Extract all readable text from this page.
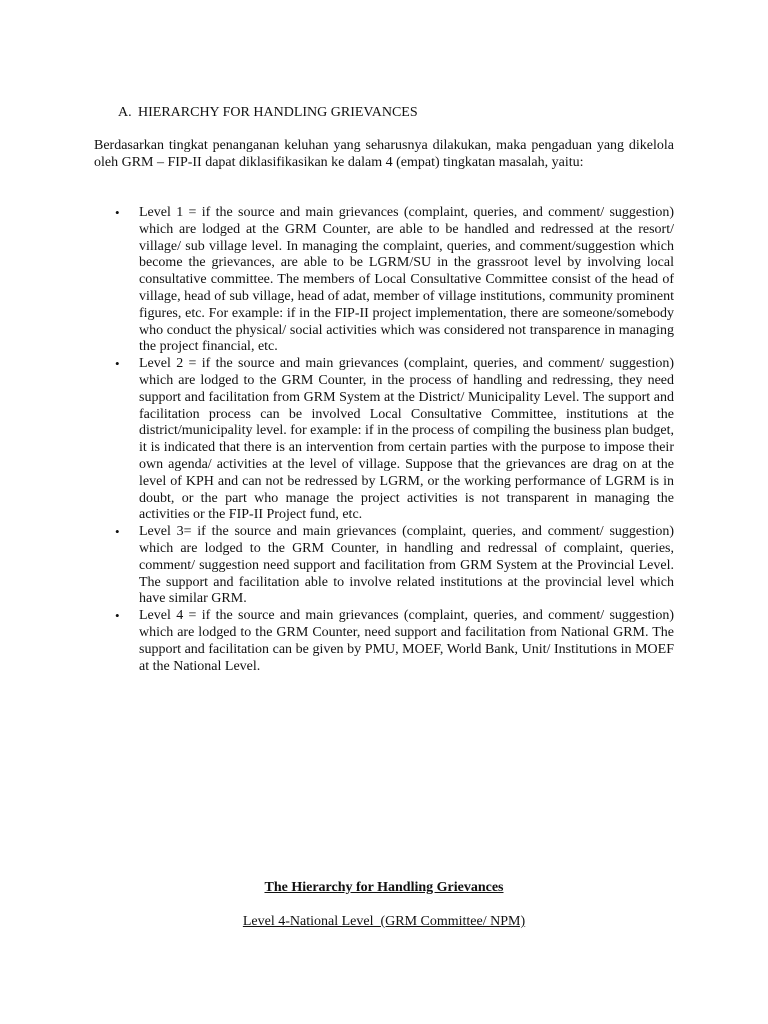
A. HIERARCHY FOR HANDLING GRIEVANCES

Berdasarkan tingkat penanganan keluhan yang seharusnya dilakukan, maka pengaduan yang dikelola oleh GRM – FIP-II dapat diklasifikasikan ke dalam 4 (empat) tingkatan masalah, yaitu:

• Level 1 = if the source and main grievances (complaint, queries, and comment/ suggestion) which are lodged at the GRM Counter, are able to be handled and redressed at the resort/ village/ sub village level. In managing the complaint, queries, and comment/suggestion which become the grievances, are able to be LGRM/SU in the grassroot level by involving local consultative committee. The members of Local Consultative Committee consist of the head of village, head of sub village, head of adat, member of village institutions, community prominent figures, etc. For example: if in the FIP-II project implementation, there are someone/somebody who conduct the physical/ social activities which was considered not transparence in managing the project financial, etc.
• Level 2 = if the source and main grievances (complaint, queries, and comment/ suggestion) which are lodged to the GRM Counter, in the process of handling and redressing, they need support and facilitation from GRM System at the District/ Municipality Level. The support and facilitation process can be involved Local Consultative Committee, institutions at the district/municipality level. for example: if in the process of compiling the business plan budget, it is indicated that there is an intervention from certain parties with the purpose to impose their own agenda/ activities at the level of village. Suppose that the grievances are drag on at the level of KPH and can not be redressed by LGRM, or the working performance of LGRM is in doubt, or the part who manage the project activities is not transparent in managing the activities or the FIP-II Project fund, etc.
• Level 3= if the source and main grievances (complaint, queries, and comment/ suggestion) which are lodged to the GRM Counter, in handling and redressal of complaint, queries, comment/ suggestion need support and facilitation from GRM System at the Provincial Level. The support and facilitation able to involve related institutions at the provincial level which have similar GRM.
• Level 4 = if the source and main grievances (complaint, queries, and comment/ suggestion) which are lodged to the GRM Counter, need support and facilitation from National GRM. The support and facilitation can be given by PMU, MOEF, World Bank, Unit/ Institutions in MOEF at the National Level.
The Hierarchy for Handling Grievances
Level 4-National Level  (GRM Committee/ NPM)
